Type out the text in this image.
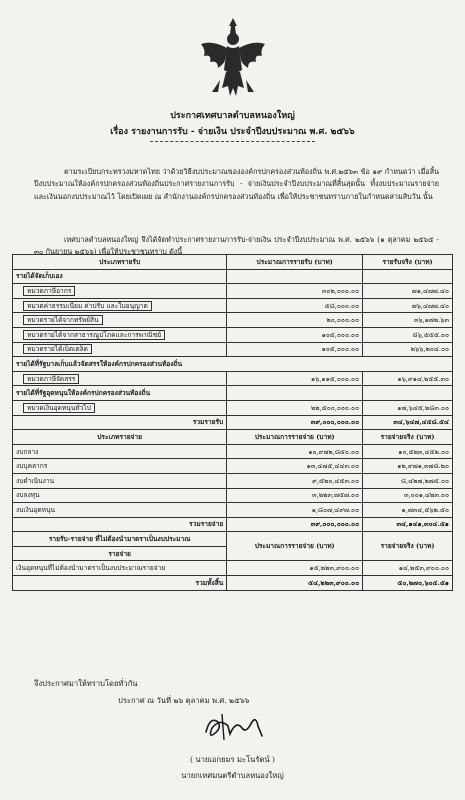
ประกาศเทศบาลตำบลหนองใหญ่
เรื่อง รายงานการรับ - จ่ายเงิน ประจำปีงบประมาณ พ.ศ. ๒๕๖๖
ตามระเบียบกระทรวงมหาดไทย ว่าด้วยวิธีงบประมาณขององค์กรปกครองส่วนท้องถิ่น พ.ศ.๒๕๖๓ ข้อ ๑๙ กำหนดว่า เมื่อสิ้นปีงบประมาณให้องค์กรปกครองส่วนท้องถิ่นประกาศรายงานการรับ - จ่ายเงินประจำปีงบประมาณที่สิ้นสุดนั้น ทั้งงบประมาณรายจ่ายและเงินนอกงบประมาณไว้ โดยเปิดเผย ณ สำนักงานองค์กรปกครองส่วนท้องถิ่น เพื่อให้ประชาชนทราบภายในกำหนดสามสิบวัน นั้น
เทศบาลตำบลหนองใหญ่ จึงได้จัดทำประกาศรายงานการรับ-จ่ายเงิน ประจำปีงบประมาณ พ.ศ. ๒๕๖๖ (๑ ตุลาคม ๒๕๖๕ - ๓๐ กันยายน ๒๕๖๖) เพื่อให้ประชาชนทราบ ดังนี้
ประเภทรายรับ	ประมาณการรายรับ (บาท)	รายรับจริง (บาท)
รายได้จัดเก็บเอง		
หมวดภาษีอากร	๓๐๒,๐๐๐.๐๐	๗๑,๔๗๗.๔๐
หมวดค่าธรรมเนียม ค่าปรับ และใบอนุญาต	๕๘,๐๐๐.๐๐	๗๖,๔๗๗.๔๐
หมวดรายได้จากทรัพย์สิน	๒๐,๐๐๐.๐๐	๓๖,๑๗๒.๖๓
หมวดรายได้จากสาธารณูปโภคและการพาณิชย์	๑๐๕,๐๐๐.๐๐	๘๖,๕๕๕.๐๐
หมวดรายได้เบ็ดเตล็ด	๑๐๕,๐๐๐.๐๐	๒๖๖,๒๐๔.๐๐
รายได้ที่รัฐบาลเก็บแล้วจัดสรรให้องค์กรปกครองส่วนท้องถิ่น		
หมวดภาษีจัดสรร	๑๖,๑๑๕,๐๐๐.๐๐	๑๖,๙๑๔,๒๕๕.๓๐
รายได้ที่รัฐอุดหนุนให้องค์กรปกครองส่วนท้องถิ่น		
หมวดเงินอุดหนุนทั่วไป	๒๒,๕๐๐,๐๐๐.๐๐	๑๗,๖๔๕,๒๘๓.๐๐
รวมรายรับ	๓๙,๐๐๐,๐๐๐.๐๐	๓๔,๖๔๗,๔๕๘.๕๔
ประเภทรายจ่าย	ประมาณการรายจ่าย (บาท)	รายจ่ายจริง (บาท)
งบกลาง	๑๐,๙๗๒,๘๕๐.๐๐	๑๐,๕๒๓,๔๕๒.๐๐
งบบุคลากร	๑๓,๔๗๕,๔๔๓.๐๐	๑๒,๙๗๑,๓๗๘.๒๐
งบดำเนินงาน	๙,๕๒๐,๔๕๓.๐๐	๘,๔๒๗,๒๗๕.๐๐
งบลงทุน	๓,๒๒๓,๗๕๗.๐๐	๓,๐๐๑,๔๒๓.๐๐
งบเงินอุดหนุน	๑,๘๐๗,๔๙๗.๐๐	๑,๗๓๔,๕๖๒.๕๐
รวมรายจ่าย	๓๙,๐๐๐,๐๐๐.๐๐	๓๔,๑๔๑,๓๐๔.๕๑
รายรับ-รายจ่าย ที่ไม่ต้องนำมาตราเป็นงบประมาณ	ประมาณการรายจ่าย (บาท)	รายจ่ายจริง (บาท)
รายจ่าย		
เงินอุดหนุนที่ไม่ต้องนำมาตราเป็นงบประมาณรายจ่าย	๑๕,๒๒๓,๙๐๐.๐๐	๑๔,๒๕๓,๙๐๐.๐๐
รวมทั้งสิ้น	๕๔,๒๒๓,๙๐๐.๐๐	๕๐,๒๗๐,๖๐๕.๕๑
จึงประกาศมาให้ทราบโดยทั่วกัน
ประกาศ ณ วันที่ ๒๖ ตุลาคม พ.ศ. ๒๕๖๖
( นายเอกยมร มะโนรัตน์ )
นายกเทศมนตรีตำบลหนองใหญ่
